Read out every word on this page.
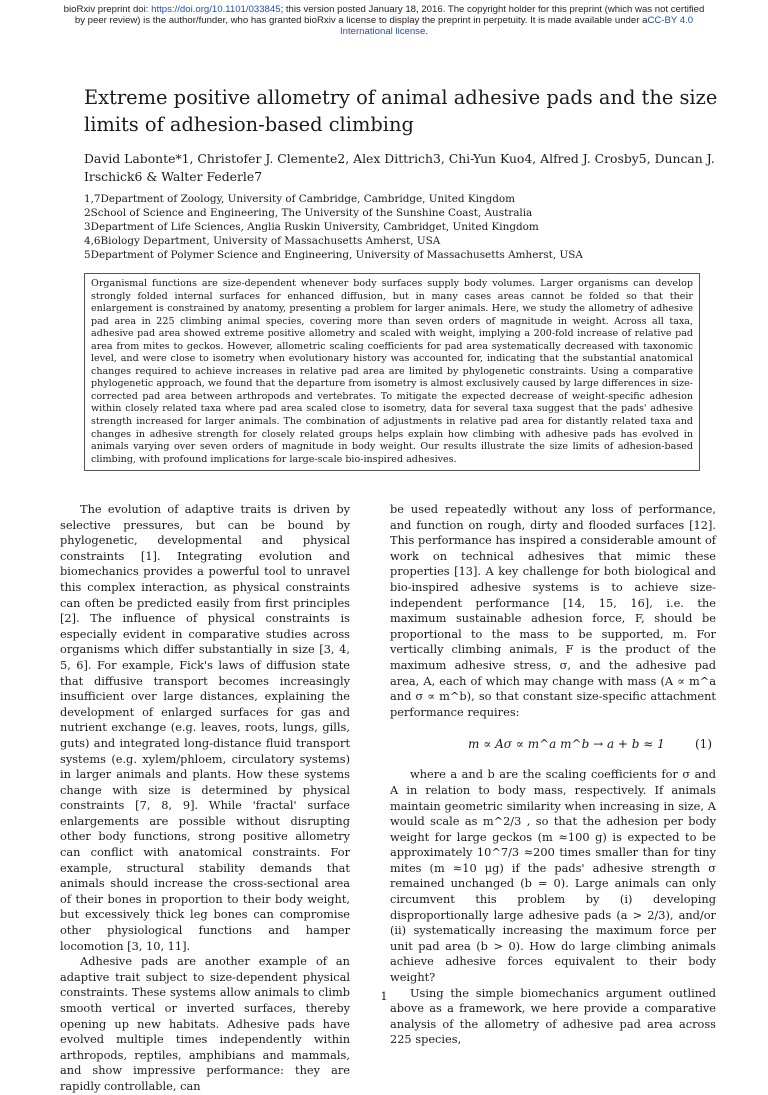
bioRxiv preprint doi: https://doi.org/10.1101/033845; this version posted January 18, 2016. The copyright holder for this preprint (which was not certified by peer review) is the author/funder, who has granted bioRxiv a license to display the preprint in perpetuity. It is made available under aCC-BY 4.0 International license.
Extreme positive allometry of animal adhesive pads and the size limits of adhesion-based climbing
David Labonte*1, Christofer J. Clemente2, Alex Dittrich3, Chi-Yun Kuo4, Alfred J. Crosby5, Duncan J. Irschick6 & Walter Federle7
1,7Department of Zoology, University of Cambridge, Cambridge, United Kingdom
2School of Science and Engineering, The University of the Sunshine Coast, Australia
3Department of Life Sciences, Anglia Ruskin University, Cambridget, United Kingdom
4,6Biology Department, University of Massachusetts Amherst, USA
5Department of Polymer Science and Engineering, University of Massachusetts Amherst, USA
Organismal functions are size-dependent whenever body surfaces supply body volumes. Larger organisms can develop strongly folded internal surfaces for enhanced diffusion, but in many cases areas cannot be folded so that their enlargement is constrained by anatomy, presenting a problem for larger animals. Here, we study the allometry of adhesive pad area in 225 climbing animal species, covering more than seven orders of magnitude in weight. Across all taxa, adhesive pad area showed extreme positive allometry and scaled with weight, implying a 200-fold increase of relative pad area from mites to geckos. However, allometric scaling coefficients for pad area systematically decreased with taxonomic level, and were close to isometry when evolutionary history was accounted for, indicating that the substantial anatomical changes required to achieve increases in relative pad area are limited by phylogenetic constraints. Using a comparative phylogenetic approach, we found that the departure from isometry is almost exclusively caused by large differences in size-corrected pad area between arthropods and vertebrates. To mitigate the expected decrease of weight-specific adhesion within closely related taxa where pad area scaled close to isometry, data for several taxa suggest that the pads' adhesive strength increased for larger animals. The combination of adjustments in relative pad area for distantly related taxa and changes in adhesive strength for closely related groups helps explain how climbing with adhesive pads has evolved in animals varying over seven orders of magnitude in body weight. Our results illustrate the size limits of adhesion-based climbing, with profound implications for large-scale bio-inspired adhesives.

The evolution of adaptive traits is driven by selective pressures, but can be bound by phylogenetic, developmental and physical constraints [1]. Integrating evolution and biomechanics provides a powerful tool to unravel this complex interaction, as physical constraints can often be predicted easily from first principles [2]. The influence of physical constraints is especially evident in comparative studies across organisms which differ substantially in size [3, 4, 5, 6]. For example, Fick's laws of diffusion state that diffusive transport becomes increasingly insufficient over large distances, explaining the development of enlarged surfaces for gas and nutrient exchange (e.g. leaves, roots, lungs, gills, guts) and integrated long-distance fluid transport systems (e.g. xylem/phloem, circulatory systems) in larger animals and plants. How these systems change with size is determined by physical constraints [7, 8, 9]. While 'fractal' surface enlargements are possible without disrupting other body functions, strong positive allometry can conflict with anatomical constraints. For example, structural stability demands that animals should increase the cross-sectional area of their bones in proportion to their body weight, but excessively thick leg bones can compromise other physiological functions and hamper locomotion [3, 10, 11].

Adhesive pads are another example of an adaptive trait subject to size-dependent physical constraints. These systems allow animals to climb smooth vertical or inverted surfaces, thereby opening up new habitats. Adhesive pads have evolved multiple times independently within arthropods, reptiles, amphibians and mammals, and show impressive performance: they are rapidly controllable, can

be used repeatedly without any loss of performance, and function on rough, dirty and flooded surfaces [12]. This performance has inspired a considerable amount of work on technical adhesives that mimic these properties [13]. A key challenge for both biological and bio-inspired adhesive systems is to achieve size-independent performance [14, 15, 16], i.e. the maximum sustainable adhesion force, F, should be proportional to the mass to be supported, m. For vertically climbing animals, F is the product of the maximum adhesive stress, σ, and the adhesive pad area, A, each of which may change with mass (A ∝ m^a and σ ∝ m^b), so that constant size-specific attachment performance requires:

m ∝ Aσ ∝ m^a m^b → a + b ≈ 1	(1)

where a and b are the scaling coefficients for σ and A in relation to body mass, respectively. If animals maintain geometric similarity when increasing in size, A would scale as m^2/3 , so that the adhesion per body weight for large geckos (m ≈100 g) is expected to be approximately 10^7/3 ≈200 times smaller than for tiny mites (m ≈10 μg) if the pads' adhesive strength σ remained unchanged (b = 0). Large animals can only circumvent this problem by (i) developing disproportionally large adhesive pads (a > 2/3), and/or (ii) systematically increasing the maximum force per unit pad area (b > 0). How do large climbing animals achieve adhesive forces equivalent to their body weight?

Using the simple biomechanics argument outlined above as a framework, we here provide a comparative analysis of the allometry of adhesive pad area across 225 species,

1
